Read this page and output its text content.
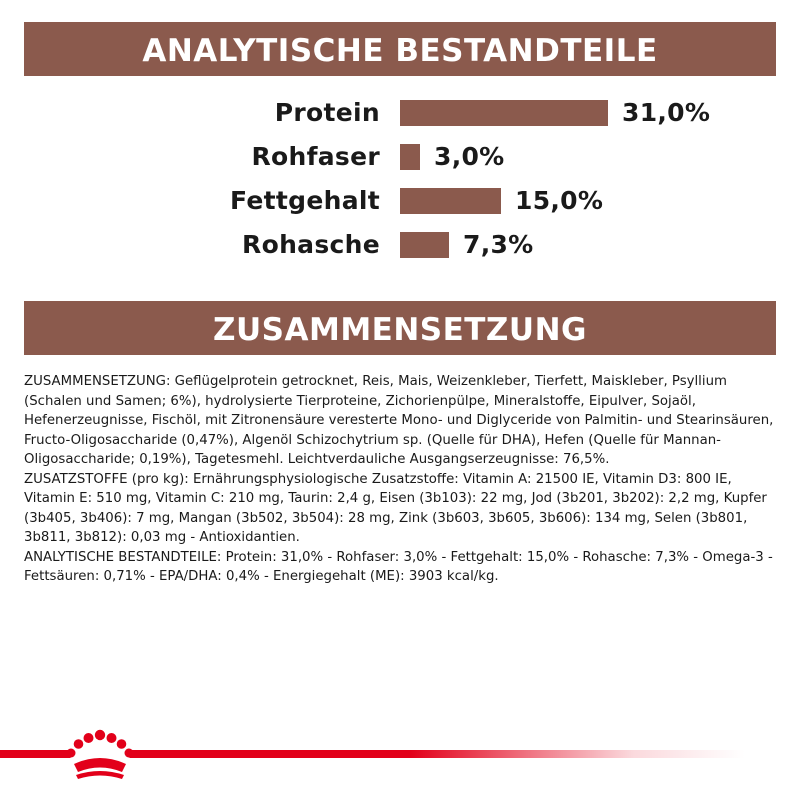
ANALYTISCHE BESTANDTEILE
Protein	31,0%
Rohfaser 3,0%
Fettgehalt	15,0%
Rohasche	7,3%
ZUSAMMENSETZUNG

ZUSAMMENSETZUNG: Geflügelprotein getrocknet, Reis, Mais, Weizenkleber, Tierfett, Maiskleber, Psyllium (Schalen und Samen; 6%), hydrolysierte Tierproteine, Zichorienpülpe, Mineralstoffe, Eipulver, Sojaöl, Hefenerzeugnisse, Fischöl, mit Zitronensäure veresterte Mono- und Diglyceride von Palmitin- und Stearinsäuren, Fructo-Oligosaccharide (0,47%), Algenöl Schizochytrium sp. (Quelle für DHA), Hefen (Quelle für Mannan-Oligosaccharide; 0,19%), Tagetesmehl. Leichtverdauliche Ausgangserzeugnisse: 76,5%.

ZUSATZSTOFFE (pro kg): Ernährungsphysiologische Zusatzstoffe: Vitamin A: 21500 IE, Vitamin D3: 800 IE, Vitamin E: 510 mg, Vitamin C: 210 mg, Taurin: 2,4 g, Eisen (3b103): 22 mg, Jod (3b201, 3b202): 2,2 mg, Kupfer (3b405, 3b406): 7 mg, Mangan (3b502, 3b504): 28 mg, Zink (3b603, 3b605, 3b606): 134 mg, Selen (3b801, 3b811, 3b812): 0,03 mg - Antioxidantien.

ANALYTISCHE BESTANDTEILE: Protein: 31,0% - Rohfaser: 3,0% - Fettgehalt: 15,0% - Rohasche: 7,3% - Omega-3 -Fettsäuren: 0,71% - EPA/DHA: 0,4% - Energiegehalt (ME): 3903 kcal/kg.
